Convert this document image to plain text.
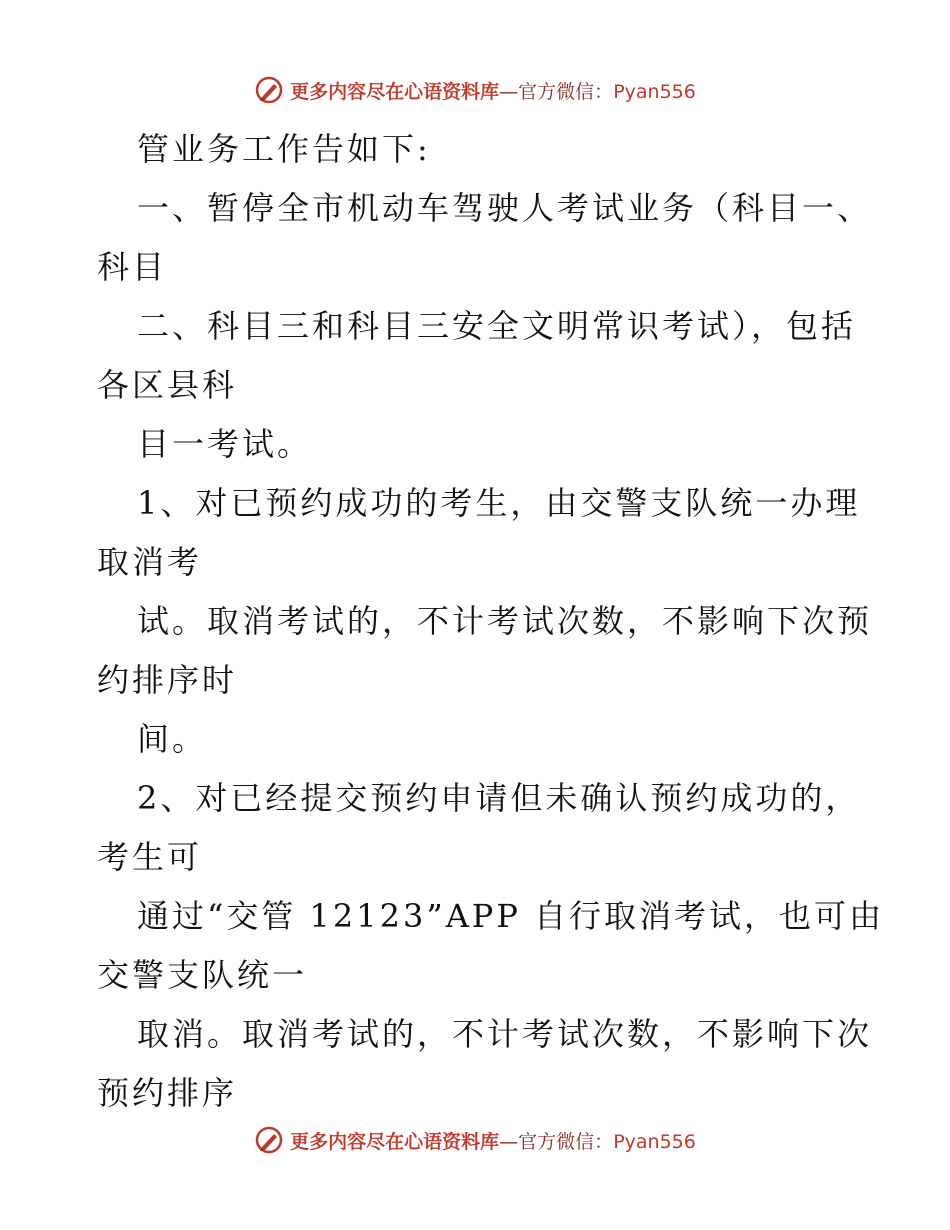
更多内容尽在心语资料库—官方微信：Pyan556

管业务工作告如下:

一、暂停全市机动车驾驶人考试业务（科目一、

科目

二、科目三和科目三安全文明常识考试），包括

各区县科

目一考试。

1、对已预约成功的考生，由交警支队统一办理

取消考

试。取消考试的，不计考试次数，不影响下次预

约排序时

间。

2、对已经提交预约申请但未确认预约成功的，

考生可

通过“交管 12123”APP 自行取消考试，也可由

交警支队统一

取消。取消考试的，不计考试次数，不影响下次

预约排序

更多内容尽在心语资料库—官方微信：Pyan556
